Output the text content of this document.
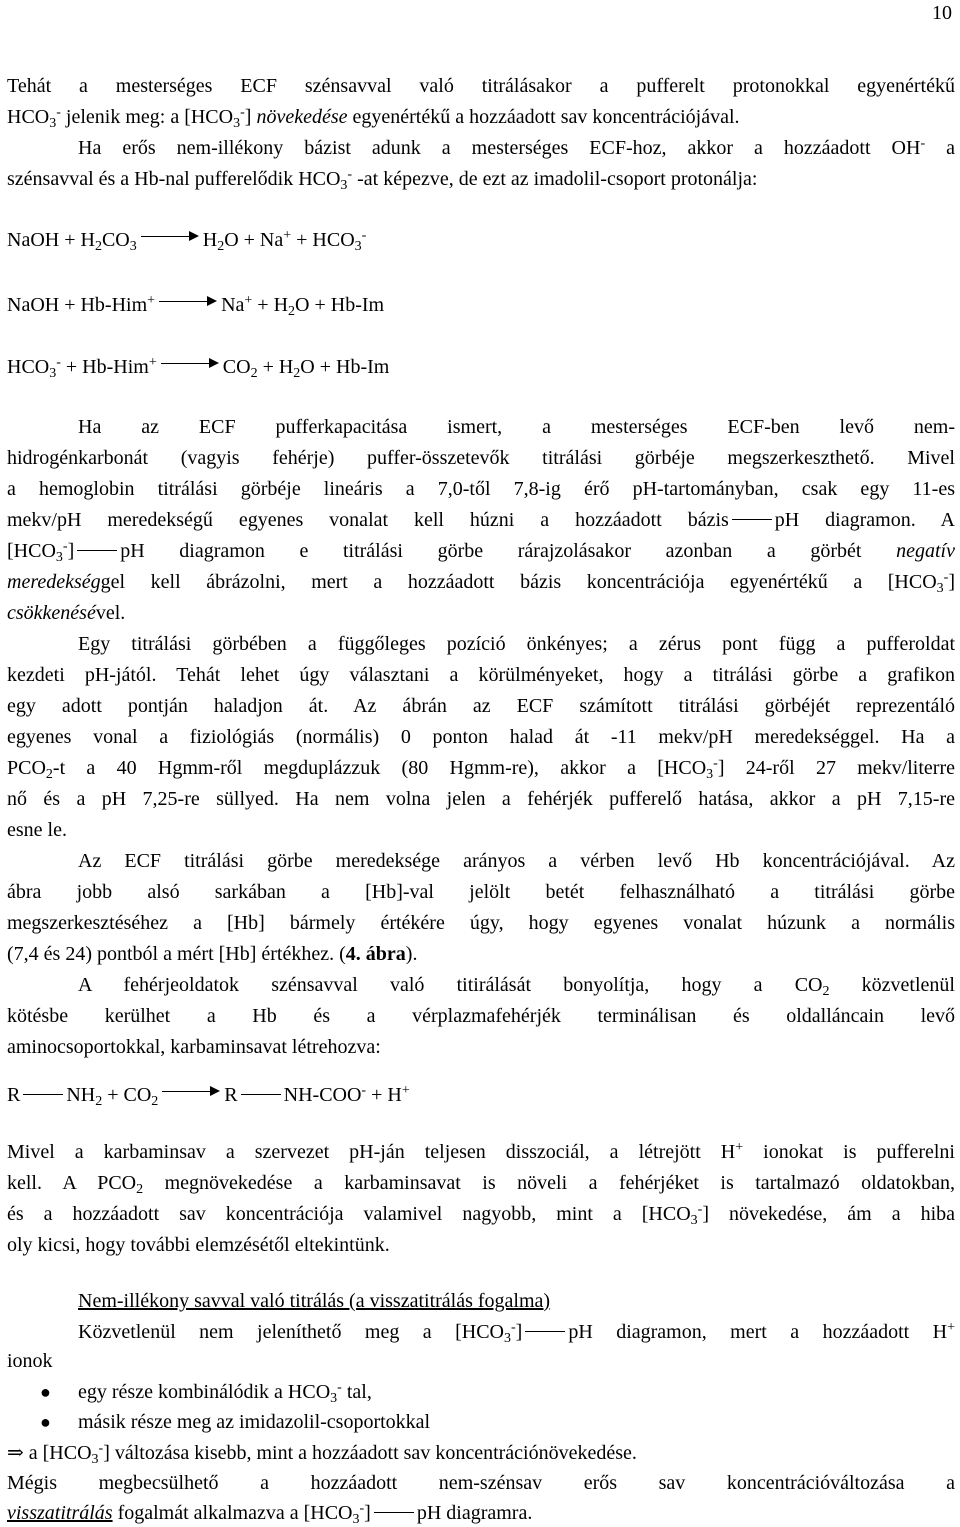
10
Tehát a mesterséges ECF szénsavval való titrálásakor a pufferelt protonokkal egyenértékű
$HCO_3^-$ jelenik meg: a $[HCO_3^-]$ növekedése egyenértékű a hozzáadott sav koncentrációjával.
Ha erős nem-illékony bázist adunk a mesterséges ECF-hoz, akkor a hozzáadott OH- a
szénsavval és a Hb-nal pufferelődik $HCO_3^-$ -at képezve, de ezt az imadolil-csoport protonálja:
NaOH + $H_2CO_3$	$H_2O + Na^+ + HCO_3^-$
NaOH + Hb-Him+	$Na^+ + H_2O + Hb-Im$
$HCO_3^- + Hb-Him^+$	$CO_2 + H_2O + Hb-Im$
Ha az ECF pufferkapacitása ismert, a mesterséges ECF-ben levő nem-
hidrogénkarbonát (vagyis fehérje) puffer-összetevők titrálási görbéje megszerkeszthető. Mivel
a hemoglobin titrálási görbéje lineáris a 7,0-től 7,8-ig érő pH-tartományban, csak egy 11-es
mekv/pH meredekségű egyenes vonalat kell húzni a hozzáadott bázis pH diagramon. A
$[HCO_3^-]$ pH diagramon e titrálási görbe rárajzolásakor azonban a görbét negatív
meredekséggel kell ábrázolni, mert a hozzáadott bázis koncentrációja egyenértékű a $[HCO_3^-]$
csökkenésével.
Egy titrálási görbében a függőleges pozíció önkényes; a zérus pont függ a pufferoldat
kezdeti pH-jától. Tehát lehet úgy választani a körülményeket, hogy a titrálási görbe a grafikon
egy adott pontján haladjon át. Az ábrán az ECF számított titrálási görbéjét reprezentáló
egyenes vonal a fiziológiás (normális) 0 ponton halad át -11 mekv/pH meredekséggel. Ha a
$PCO_2-t$ a 40 Hgmm-ről megduplázzuk (80 Hgmm-re), akkor a $[HCO_3^-]$ 24-ről 27 mekv/literre
nő és a pH 7,25-re süllyed. Ha nem volna jelen a fehérjék pufferelő hatása, akkor a pH 7,15-re
esne le.
Az ECF titrálási görbe meredeksége arányos a vérben levő Hb koncentrációjával. Az
ábra jobb alsó sarkában a [Hb]-val jelölt betét felhasználható a titrálási görbe
megszerkesztéséhez a [Hb] bármely értékére úgy, hogy egyenes vonalat húzunk a normális
(7,4 és 24) pontból a mért [Hb] értékhez. (4. ábra).
A fehérjeoldatok szénsavval való titirálását bonyolítja, hogy a $CO_2$ közvetlenül
kötésbe kerülhet a Hb és a vérplazmafehérjék terminálisan és oldalláncain levő
aminocsoportokkal, karbaminsavat létrehozva:
R $NH_2 + CO_2$	R NH-COO- + H+
Mivel a karbaminsav a szervezet pH-ján teljesen disszociál, a létrejött H+ ionokat is pufferelni
kell. A $PCO_2$ megnövekedése a karbaminsavat is növeli a fehérjéket is tartalmazó oldatokban,
és a hozzáadott sav koncentrációja valamivel nagyobb, mint a $[HCO_3^-]$ növekedése, ám a hiba
oly kicsi, hogy további elemzésétől eltekintünk.
Nem-illékony savval való titrálás (a visszatitrálás fogalma)
Közvetlenül nem jeleníthető meg a $[HCO_3^-]$ pH diagramon, mert a hozzáadott H+
ionok
● egy része kombinálódik a $HCO_3^-$ tal,
● másik része meg az imidazolil-csoportokkal
⇒ a $[HCO_3^-]$ változása kisebb, mint a hozzáadott sav koncentrációnövekedése.
Mégis megbecsülhető a hozzáadott nem-szénsav erős sav koncentrációváltozása a
visszatitrálás fogalmát alkalmazva a $[HCO_3^-]$ pH diagramra.
